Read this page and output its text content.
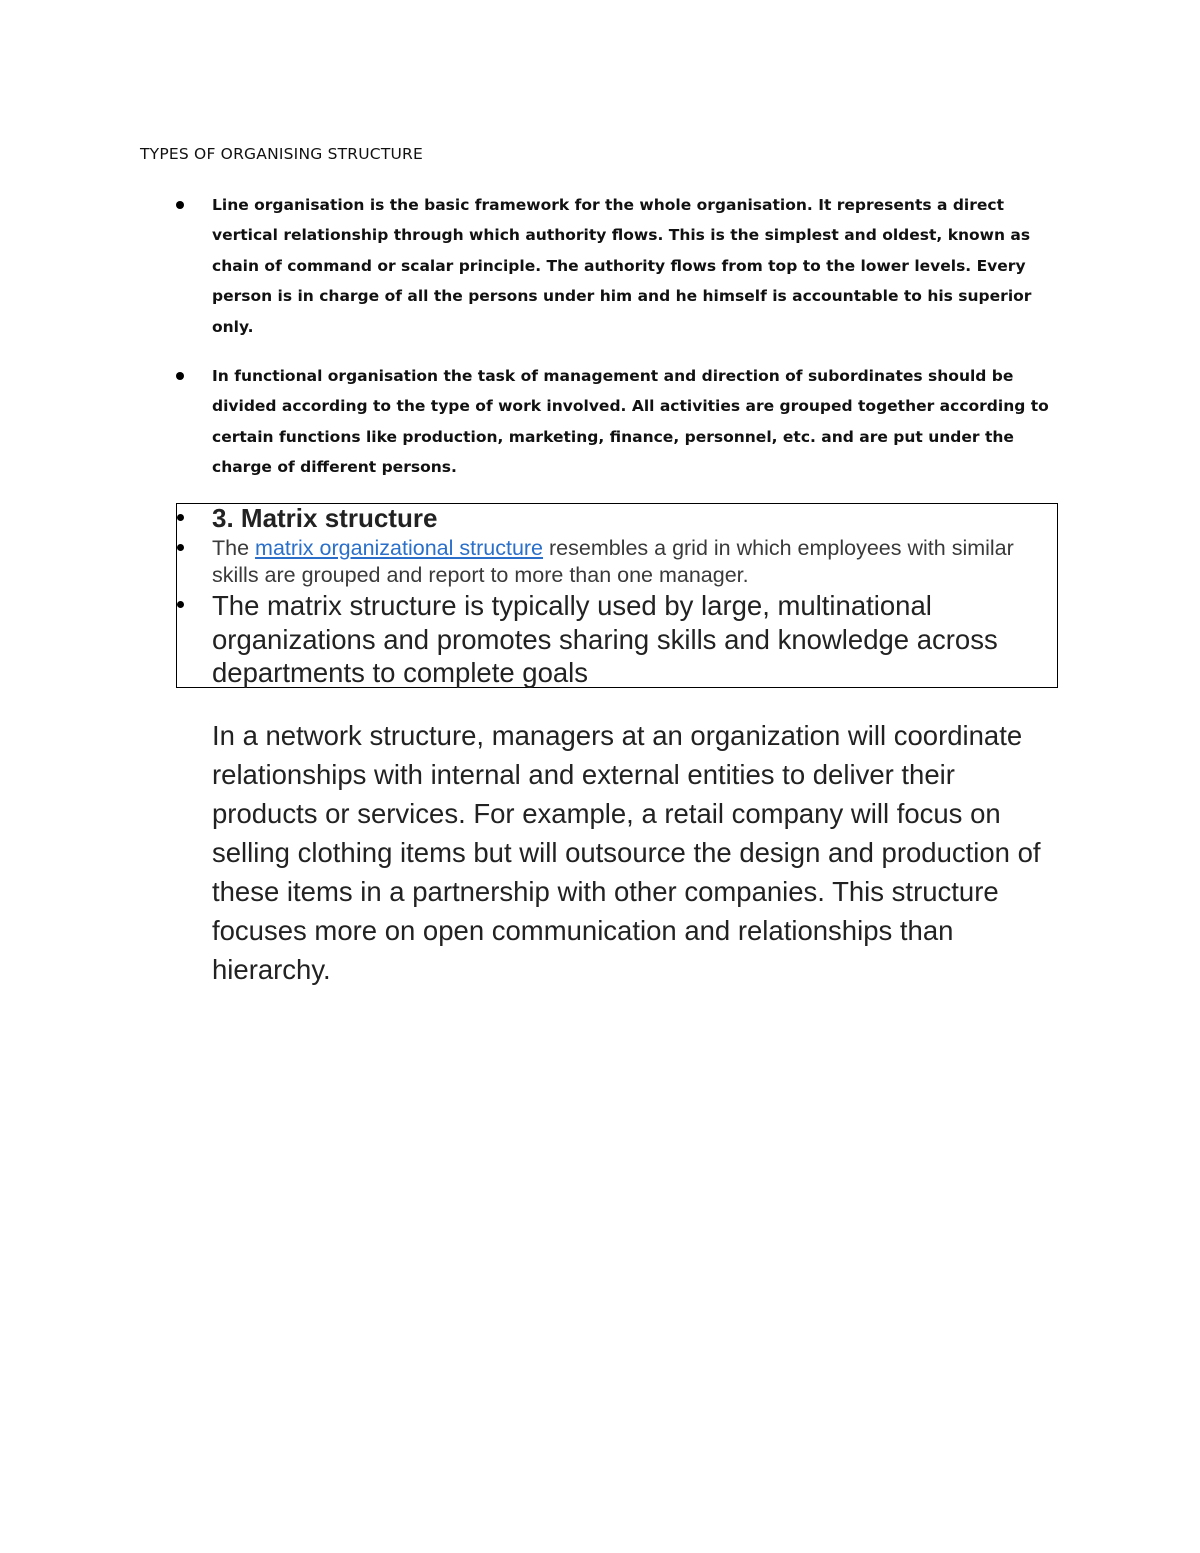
TYPES OF ORGANISING STRUCTURE
Line organisation is the basic framework for the whole organisation. It represents a direct vertical relationship through which authority flows. This is the simplest and oldest, known as chain of command or scalar principle. The authority flows from top to the lower levels. Every person is in charge of all the persons under him and he himself is accountable to his superior only.
In functional organisation the task of management and direction of subordinates should be divided according to the type of work involved. All activities are grouped together according to certain functions like production, marketing, finance, personnel, etc. and are put under the charge of different persons.
3. Matrix structure
The matrix organizational structure resembles a grid in which employees with similar skills are grouped and report to more than one manager.
The matrix structure is typically used by large, multinational organizations and promotes sharing skills and knowledge across departments to complete goals
In a network structure, managers at an organization will coordinate relationships with internal and external entities to deliver their products or services. For example, a retail company will focus on selling clothing items but will outsource the design and production of these items in a partnership with other companies. This structure focuses more on open communication and relationships than hierarchy.
